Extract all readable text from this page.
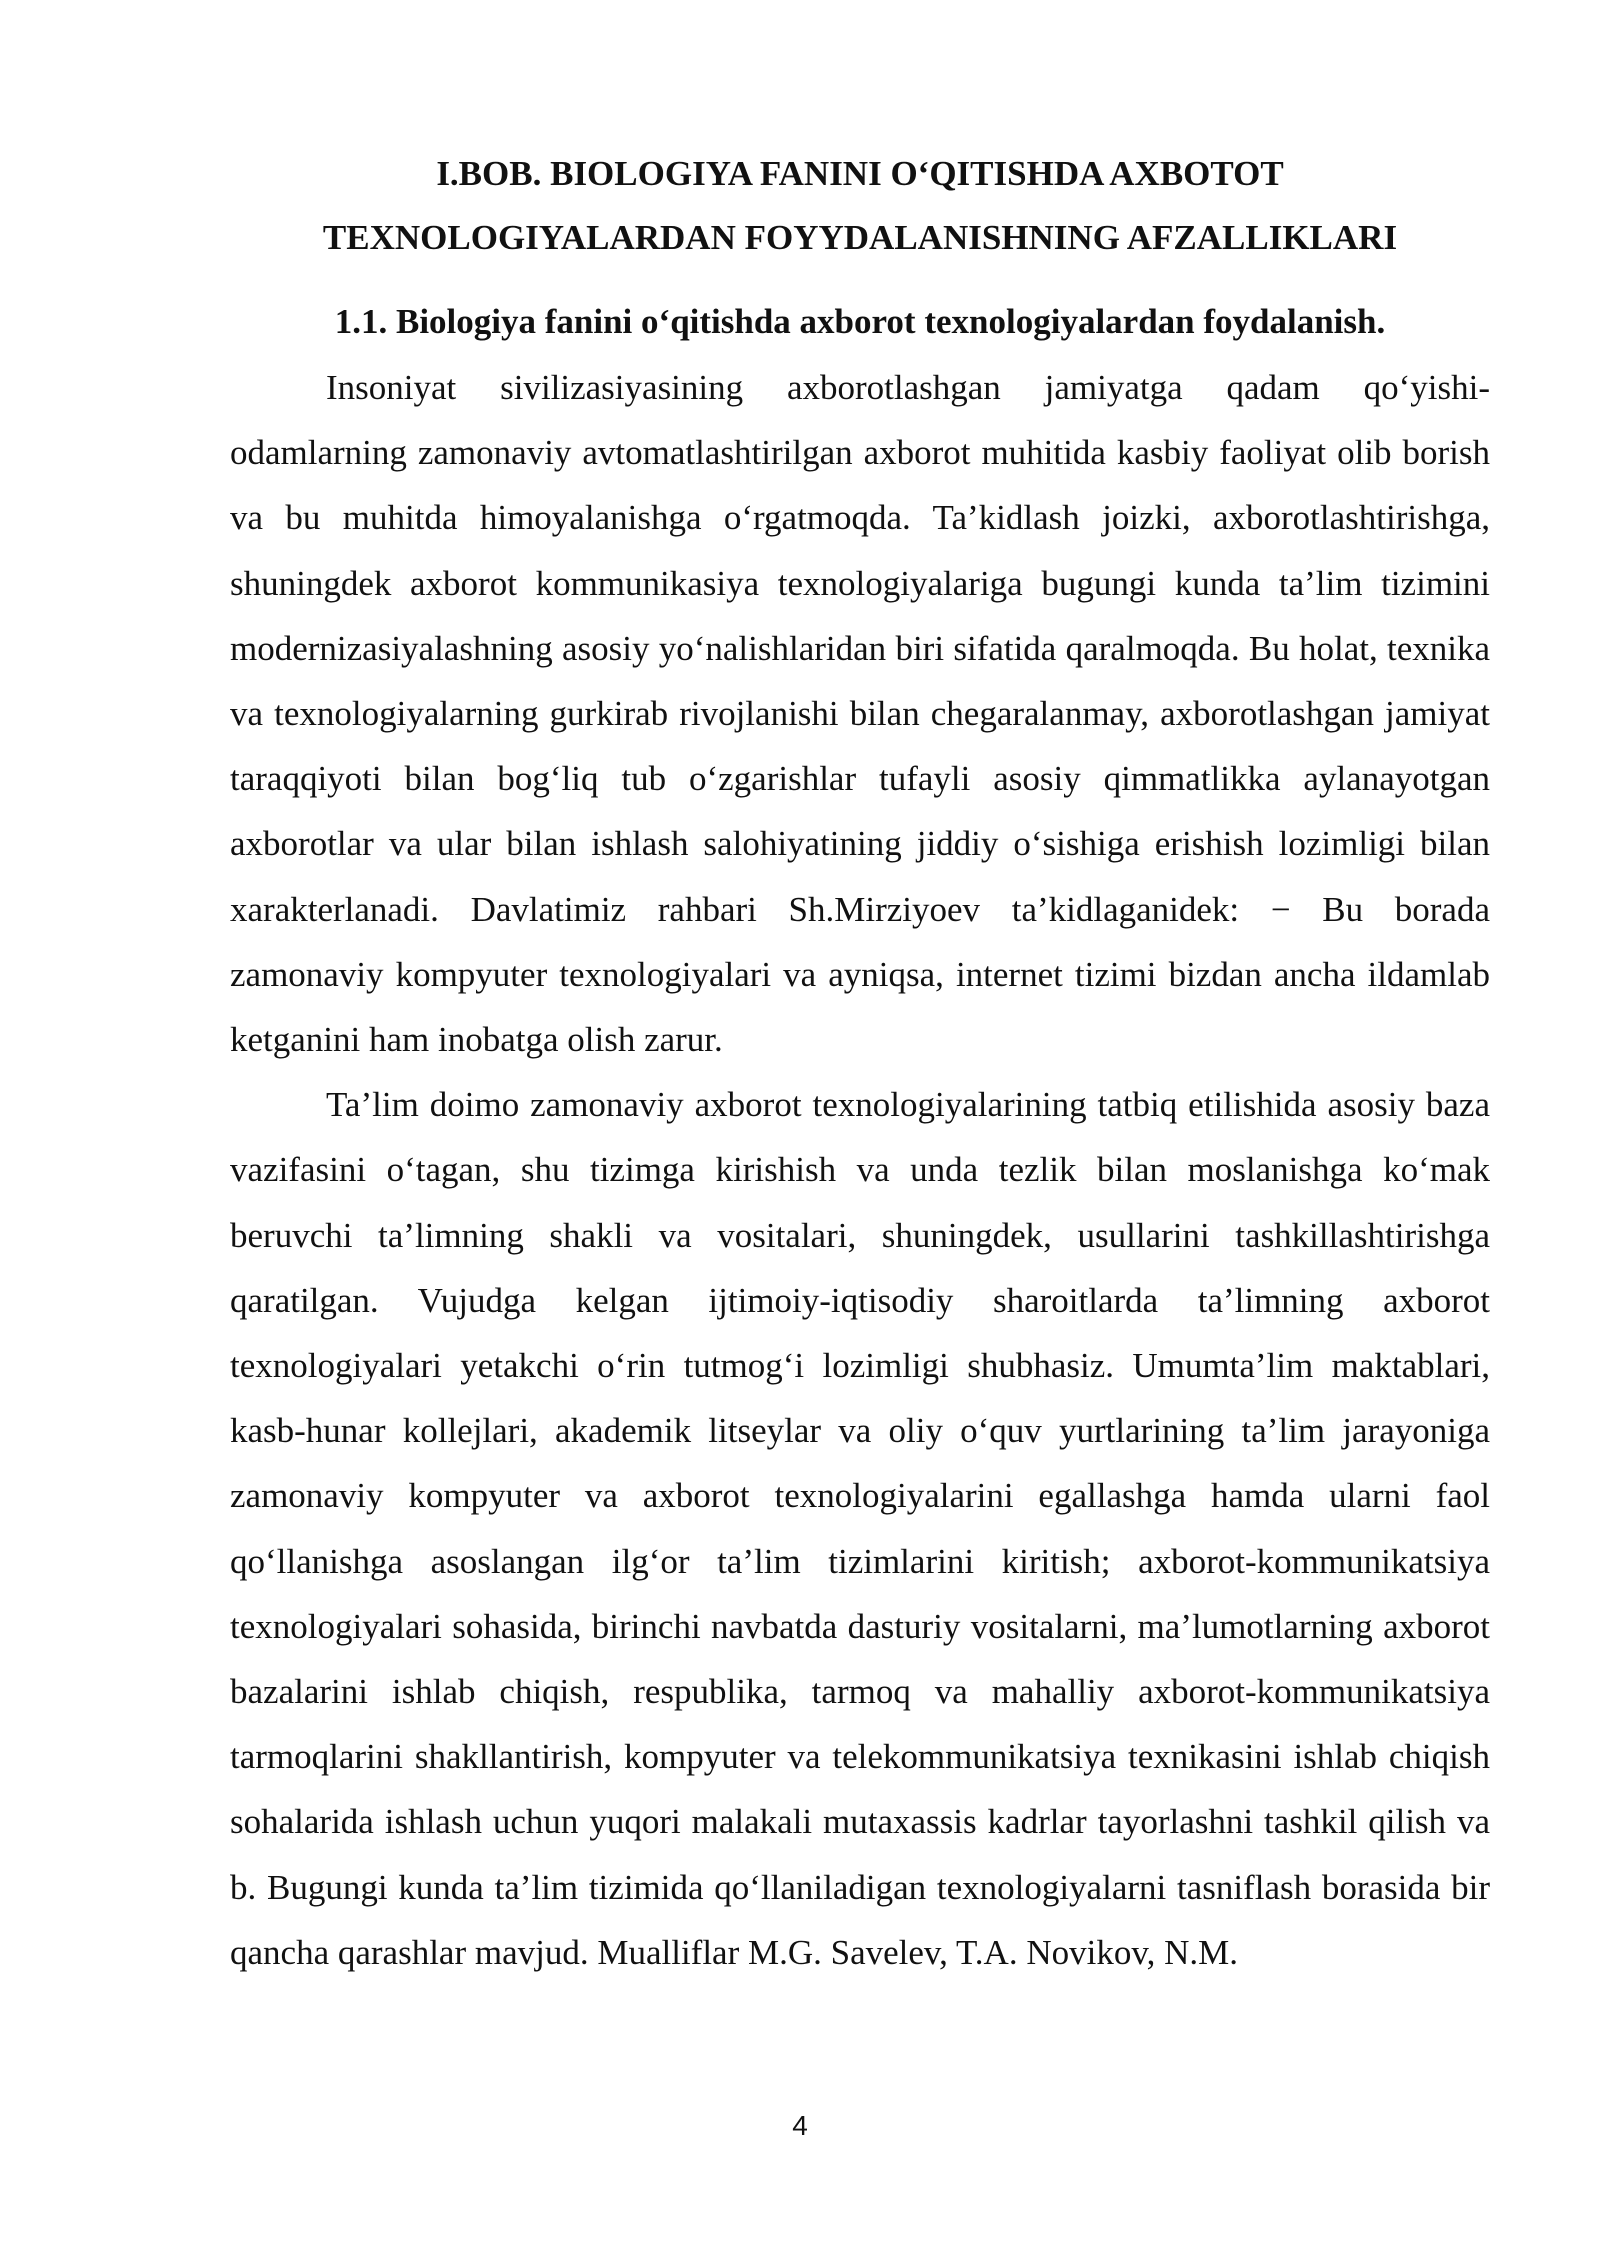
I.BOB. BIOLOGIYA FANINI O‘QITISHDA AXBOTOT
TEXNOLOGIYALARDAN FOYYDALANISHNING AFZALLIKLARI
1.1. Biologiya fanini o‘qitishda axborot texnologiyalardan foydalanish.

Insoniyat sivilizasiyasining axborotlashgan jamiyatga qadam qo‘yishi-odamlarning zamonaviy avtomatlashtirilgan axborot muhitida kasbiy faoliyat olib borish va bu muhitda himoyalanishga o‘rgatmoqda. Ta’kidlash joizki, axborotlashtirishga, shuningdek axborot kommunikasiya texnologiyalariga bugungi kunda ta’lim tizimini modernizasiyalashning asosiy yo‘nalishlaridan biri sifatida qaralmoqda. Bu holat, texnika va texnologiyalarning gurkirab rivojlanishi bilan chegaralanmay, axborotlashgan jamiyat taraqqiyoti bilan bog‘liq tub o‘zgarishlar tufayli asosiy qimmatlikka aylanayotgan axborotlar va ular bilan ishlash salohiyatining jiddiy o‘sishiga erishish lozimligi bilan xarakterlanadi. Davlatimiz rahbari Sh.Mirziyoev ta’kidlaganidek: − Bu borada zamonaviy kompyuter texnologiyalari va ayniqsa, internet tizimi bizdan ancha ildamlab ketganini ham inobatga olish zarur.

Ta’lim doimo zamonaviy axborot texnologiyalarining tatbiq etilishida asosiy baza vazifasini o‘tagan, shu tizimga kirishish va unda tezlik bilan moslanishga ko‘mak beruvchi ta’limning shakli va vositalari, shuningdek, usullarini tashkillashtirishga qaratilgan. Vujudga kelgan ijtimoiy-iqtisodiy sharoitlarda ta’limning axborot texnologiyalari yetakchi o‘rin tutmog‘i lozimligi shubhasiz. Umumta’lim maktablari, kasb-hunar kollejlari, akademik litseylar va oliy o‘quv yurtlarining ta’lim jarayoniga zamonaviy kompyuter va axborot texnologiyalarini egallashga hamda ularni faol qo‘llanishga asoslangan ilg‘or ta’lim tizimlarini kiritish; axborot-kommunikatsiya texnologiyalari sohasida, birinchi navbatda dasturiy vositalarni, ma’lumotlarning axborot bazalarini ishlab chiqish, respublika, tarmoq va mahalliy axborot-kommunikatsiya tarmoqlarini shakllantirish, kompyuter va telekommunikatsiya texnikasini ishlab chiqish sohalarida ishlash uchun yuqori malakali mutaxassis kadrlar tayorlashni tashkil qilish va b. Bugungi kunda ta’lim tizimida qo‘llaniladigan texnologiyalarni tasniflash borasida bir qancha qarashlar mavjud. Mualliflar M.G. Savelev, T.A. Novikov, N.M.

4
